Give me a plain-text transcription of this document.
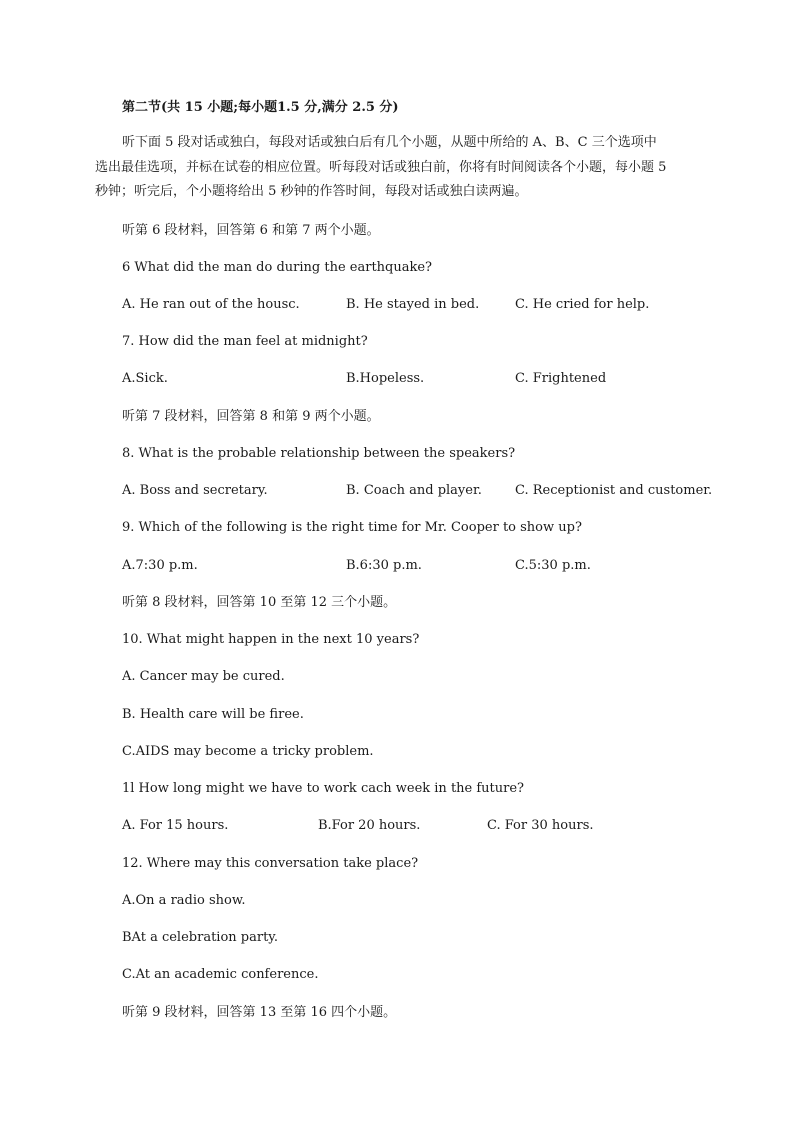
第二节(共 15 小题;每小题1.5 分,满分 2.5 分)
听下面 5 段对话或独白，每段对话或独白后有几个小题，从题中所给的 A、B、C 三个选项中
选出最佳选项，并标在试卷的相应位置。听每段对话或独白前，你将有时间阅读各个小题，每小题 5
秒钟；听完后，个小题将给出 5 秒钟的作答时间，每段对话或独白读两遍。
听第 6 段材料，回答第 6 和第 7 两个小题。
6 What did the man do during the earthquake?
A. He ran out of the housc.	B. He stayed in bed.	C. He cried for help.
7. How did the man feel at midnight?
A.Sick.	B.Hopeless.	C. Frightened
听第 7 段材料，回答第 8 和第 9 两个小题。
8. What is the probable relationship between the speakers?
A. Boss and secretary.	B. Coach and player.	C. Receptionist and customer.
9. Which of the following is the right time for Mr. Cooper to show up?
A.7:30 p.m.	B.6:30 p.m.	C.5:30 p.m.
听第 8 段材料，回答第 10 至第 12 三个小题。
10. What might happen in the next 10 years?
A. Cancer may be cured.
B. Health care will be firee.
C.AIDS may become a tricky problem.
1l How long might we have to work cach week in the future?
A. For 15 hours.	B.For 20 hours.	C. For 30 hours.
12. Where may this conversation take place?
A.On a radio show.
BAt a celebration party.
C.At an academic conference.
听第 9 段材料，回答第 13 至第 16 四个小题。
